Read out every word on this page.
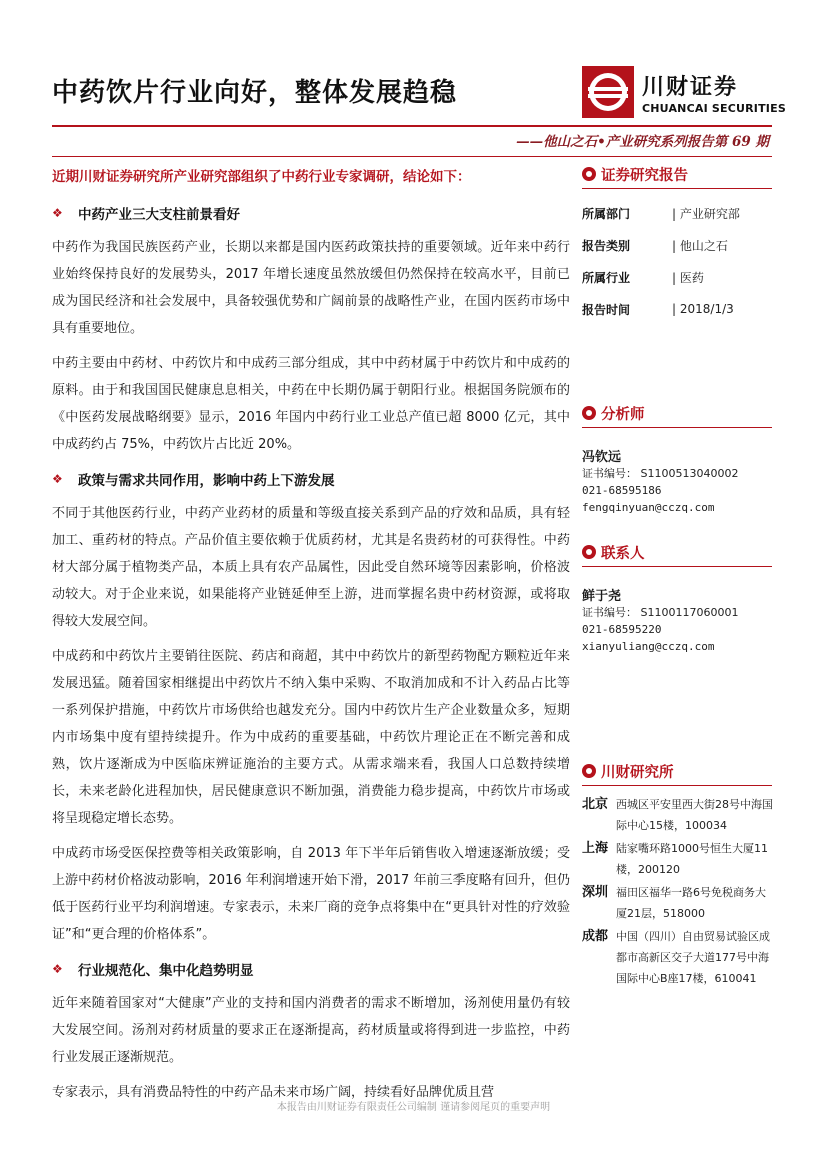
中药饮片行业向好，整体发展趋稳	川财证券
CHUANCAI SECURITIES
——他山之石•产业研究系列报告第 69 期
近期川财证券研究所产业研究部组织了中药行业专家调研，结论如下：
❖	中药产业三大支柱前景看好

中药作为我国民族医药产业，长期以来都是国内医药政策扶持的重要领域。近年来中药行业始终保持良好的发展势头，2017 年增长速度虽然放缓但仍然保持在较高水平，目前已成为国民经济和社会发展中，具备较强优势和广阔前景的战略性产业，在国内医药市场中具有重要地位。

中药主要由中药材、中药饮片和中成药三部分组成，其中中药材属于中药饮片和中成药的原料。由于和我国国民健康息息相关，中药在中长期仍属于朝阳行业。根据国务院颁布的《中医药发展战略纲要》显示，2016 年国内中药行业工业总产值已超 8000 亿元，其中中成药约占 75%，中药饮片占比近 20%。

❖	政策与需求共同作用，影响中药上下游发展

不同于其他医药行业，中药产业药材的质量和等级直接关系到产品的疗效和品质，具有轻加工、重药材的特点。产品价值主要依赖于优质药材，尤其是名贵药材的可获得性。中药材大部分属于植物类产品，本质上具有农产品属性，因此受自然环境等因素影响，价格波动较大。对于企业来说，如果能将产业链延伸至上游，进而掌握名贵中药材资源，或将取得较大发展空间。

中成药和中药饮片主要销往医院、药店和商超，其中中药饮片的新型药物配方颗粒近年来发展迅猛。随着国家相继提出中药饮片不纳入集中采购、不取消加成和不计入药品占比等一系列保护措施，中药饮片市场供给也越发充分。国内中药饮片生产企业数量众多，短期内市场集中度有望持续提升。作为中成药的重要基础，中药饮片理论正在不断完善和成熟，饮片逐渐成为中医临床辨证施治的主要方式。从需求端来看，我国人口总数持续增长，未来老龄化进程加快，居民健康意识不断加强，消费能力稳步提高，中药饮片市场或将呈现稳定增长态势。

中成药市场受医保控费等相关政策影响，自 2013 年下半年后销售收入增速逐渐放缓；受上游中药材价格波动影响，2016 年利润增速开始下滑，2017 年前三季度略有回升，但仍低于医药行业平均利润增速。专家表示，未来厂商的竞争点将集中在“更具针对性的疗效验证”和“更合理的价格体系”。

❖	行业规范化、集中化趋势明显

近年来随着国家对“大健康”产业的支持和国内消费者的需求不断增加，汤剂使用量仍有较大发展空间。汤剂对药材质量的要求正在逐渐提高，药材质量或将得到进一步监控，中药行业发展正逐渐规范。

专家表示，具有消费品特性的中药产品未来市场广阔，持续看好品牌优质且营

证券研究报告
所属部门	| 产业研究部
报告类别	| 他山之石
所属行业	| 医药
报告时间	| 2018/1/3
分析师
冯钦远
证书编号： S1100513040002
021-68595186
fengqinyuan@cczq.com
联系人
鲜于尧
证书编号： S1100117060001
021-68595220
xianyuliang@cczq.com
川财研究所
北京 西城区平安里西大街28号中海国际中心15楼，100034
上海 陆家嘴环路1000号恒生大厦11楼，200120
深圳 福田区福华一路6号免税商务大厦21层，518000
成都 中国（四川）自由贸易试验区成都市高新区交子大道177号中海国际中心B座17楼，610041
本报告由川财证券有限责任公司编制 谨请参阅尾页的重要声明
